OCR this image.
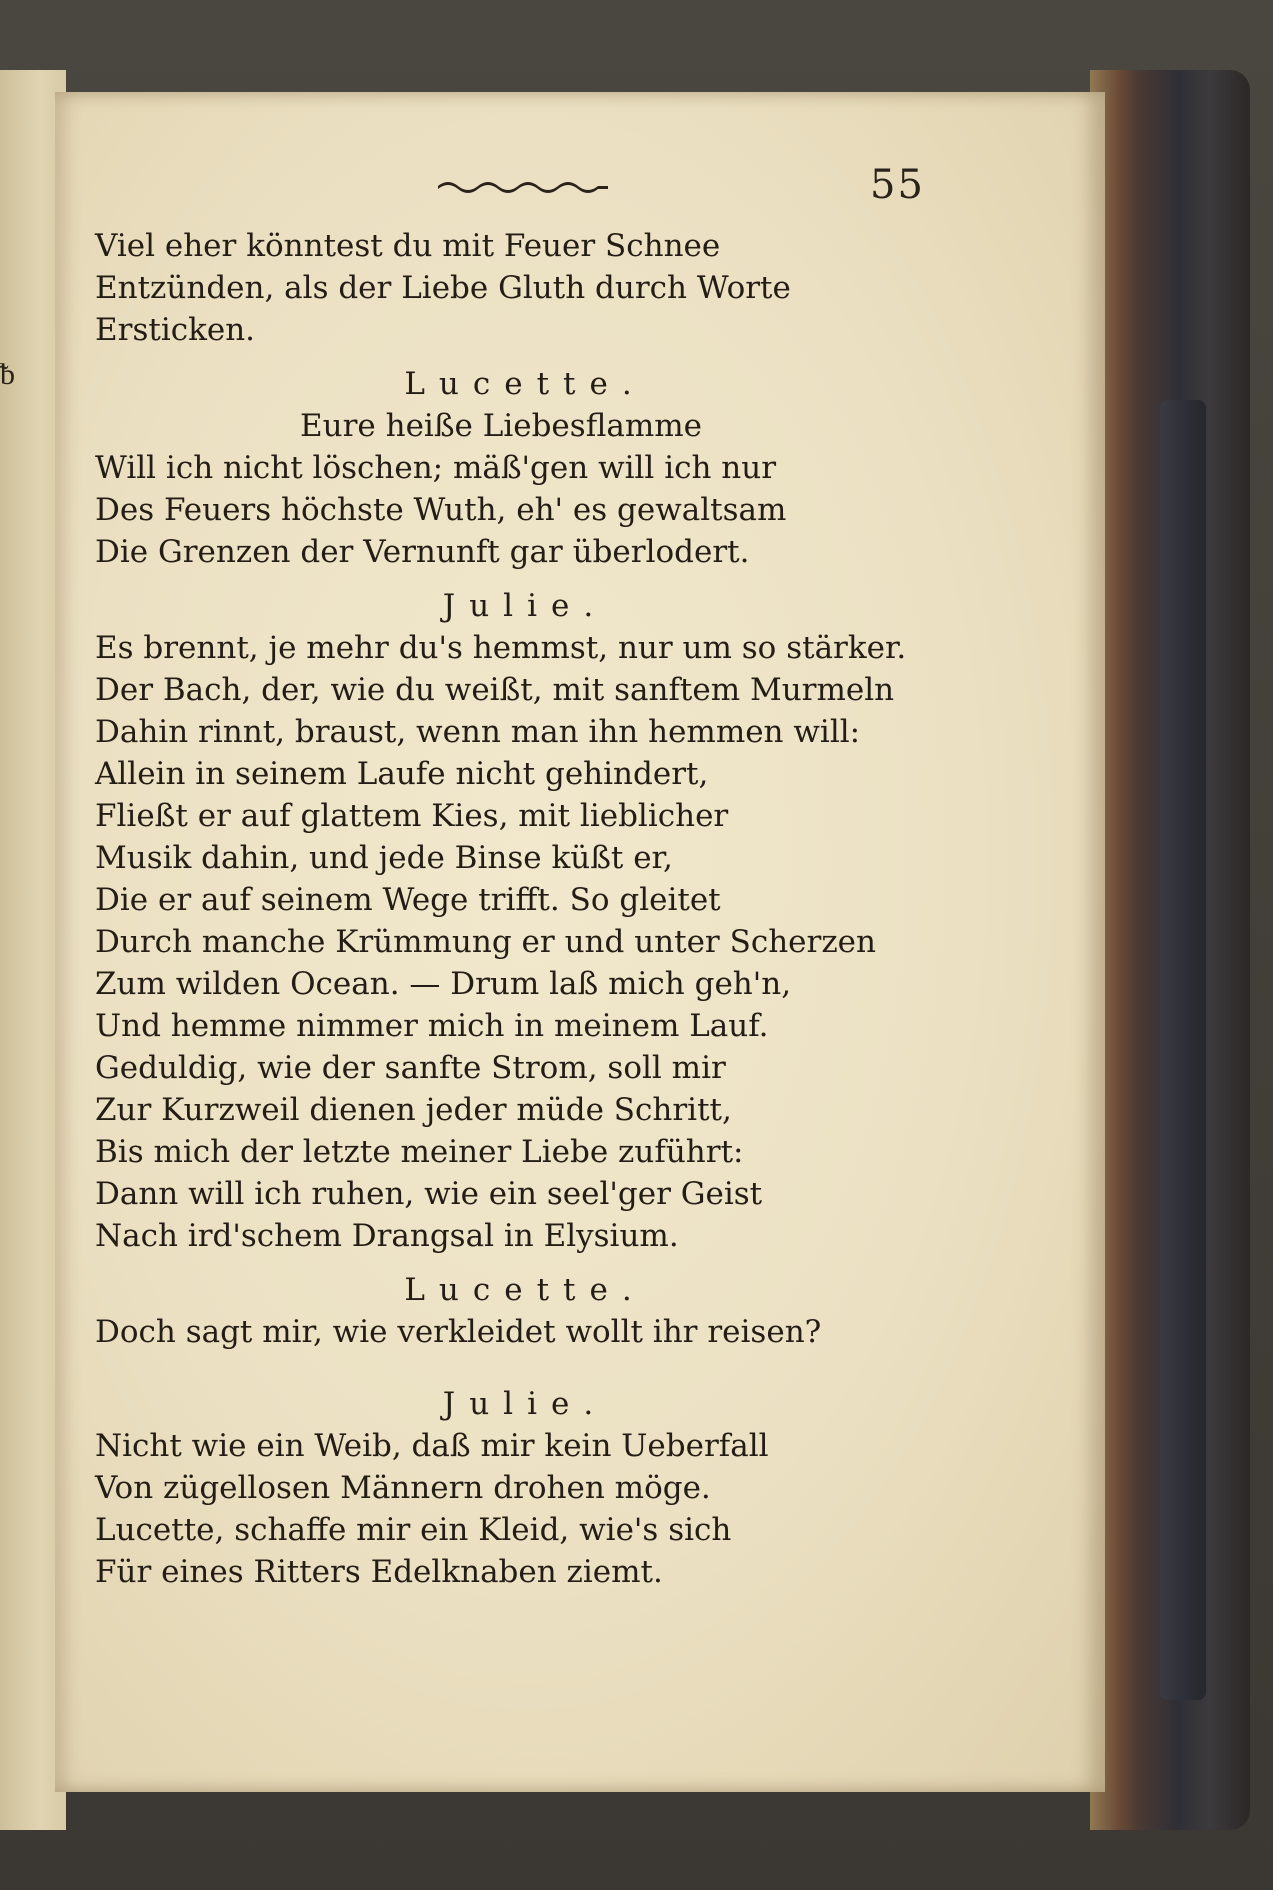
ᵬ
55
Viel eher könntest du mit Feuer Schnee
Entzünden, als der Liebe Gluth durch Worte
Ersticken.
Lucette.
Eure heiße Liebesflamme
Will ich nicht löschen; mäß'gen will ich nur
Des Feuers höchste Wuth, eh' es gewaltsam
Die Grenzen der Vernunft gar überlodert.
Julie.
Es brennt, je mehr du's hemmst, nur um so stärker.
Der Bach, der, wie du weißt, mit sanftem Murmeln
Dahin rinnt, braust, wenn man ihn hemmen will:
Allein in seinem Laufe nicht gehindert,
Fließt er auf glattem Kies, mit lieblicher
Musik dahin, und jede Binse küßt er,
Die er auf seinem Wege trifft. So gleitet
Durch manche Krümmung er und unter Scherzen
Zum wilden Ocean. — Drum laß mich geh'n,
Und hemme nimmer mich in meinem Lauf.
Geduldig, wie der sanfte Strom, soll mir
Zur Kurzweil dienen jeder müde Schritt,
Bis mich der letzte meiner Liebe zuführt:
Dann will ich ruhen, wie ein seel'ger Geist
Nach ird'schem Drangsal in Elysium.
Lucette.
Doch sagt mir, wie verkleidet wollt ihr reisen?
Julie.
Nicht wie ein Weib, daß mir kein Ueberfall
Von zügellosen Männern drohen möge.
Lucette, schaffe mir ein Kleid, wie's sich
Für eines Ritters Edelknaben ziemt.
